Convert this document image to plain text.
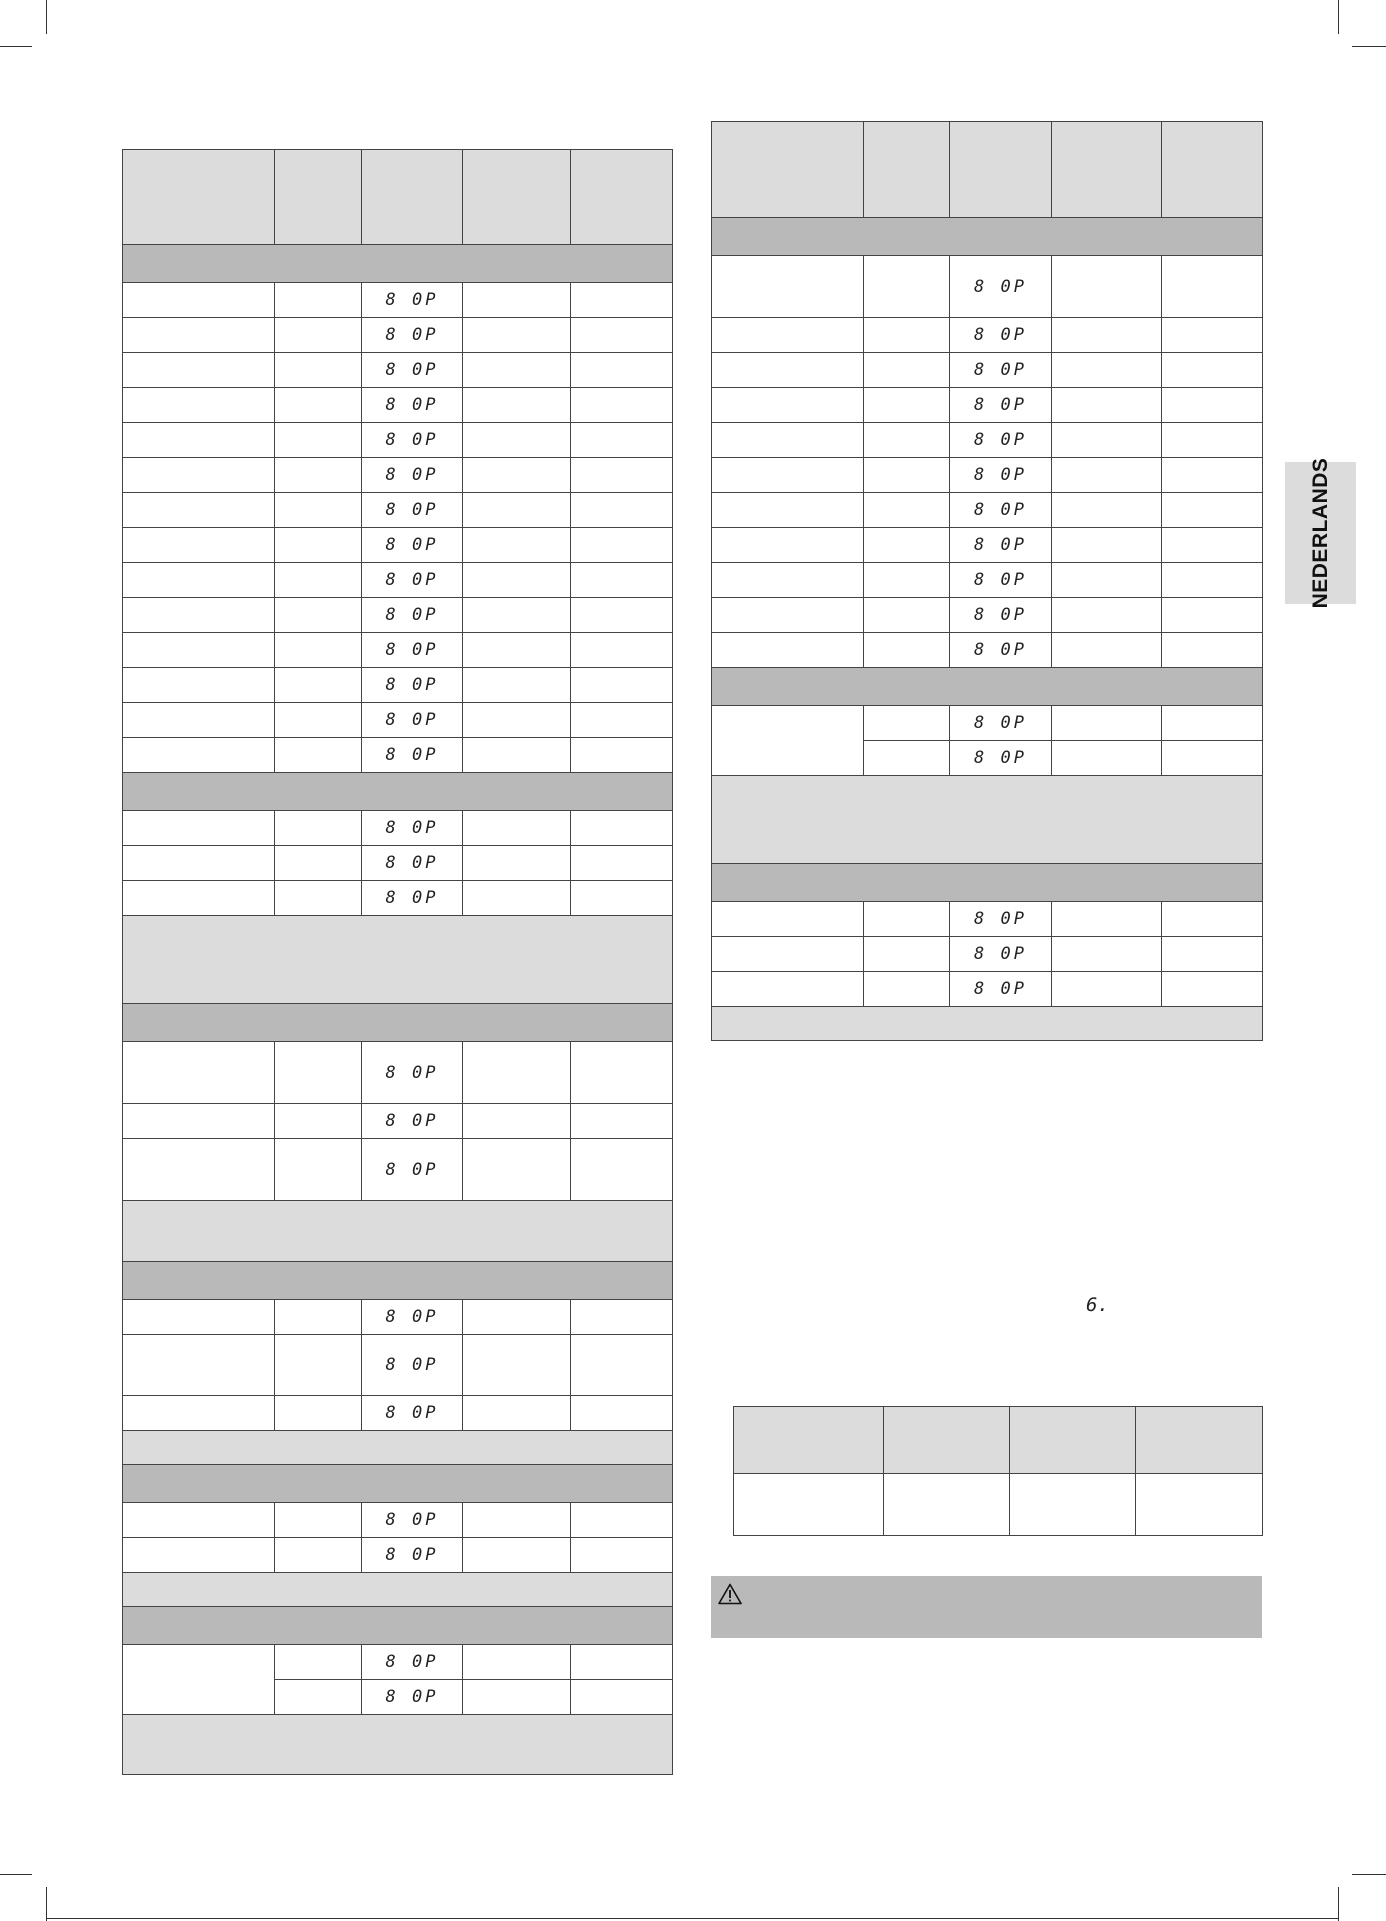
		8 0P		
		8 0P		
		8 0P		
		8 0P		
		8 0P		
		8 0P		
		8 0P		
		8 0P		
		8 0P		
		8 0P		
		8 0P		
		8 0P		
		8 0P		
		8 0P		

		8 0P		
		8 0P		
		8 0P		

		8 0P		
		8 0P		
		8 0P		

		8 0P		
		8 0P		
		8 0P		

		8 0P		
		8 0P		

		8 0P		
		8 0P		

		8 0P		
		8 0P		
		8 0P		
		8 0P		
		8 0P		
		8 0P		
		8 0P		
		8 0P		
		8 0P		
		8 0P		
		8 0P		

		8 0P		
		8 0P		

		8 0P		
		8 0P		
		8 0P		

NEDERLANDS
6.
